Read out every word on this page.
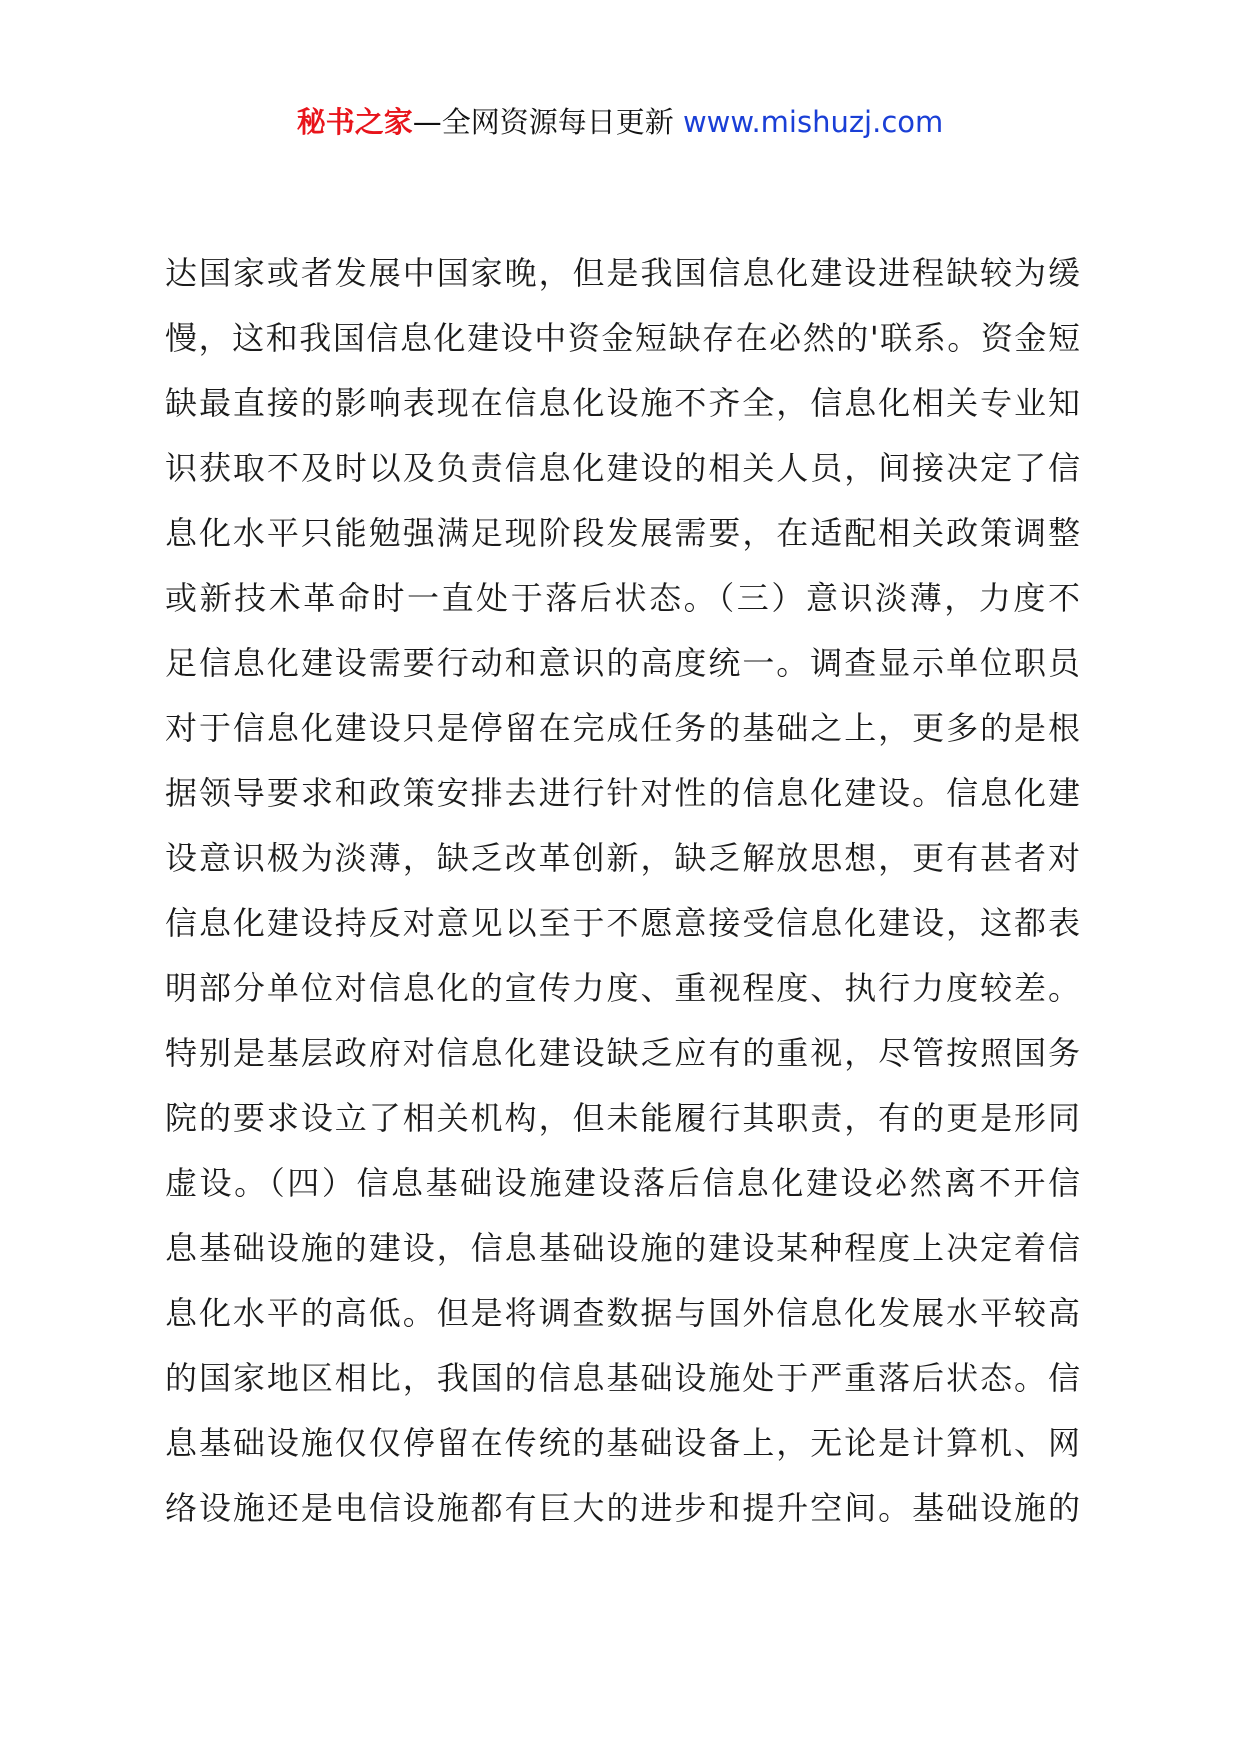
秘书之家—全网资源每日更新 www.mishuzj.com
达国家或者发展中国家晚，但是我国信息化建设进程缺较为缓
慢，这和我国信息化建设中资金短缺存在必然的'联系。资金短
缺最直接的影响表现在信息化设施不齐全，信息化相关专业知
识获取不及时以及负责信息化建设的相关人员，间接决定了信
息化水平只能勉强满足现阶段发展需要，在适配相关政策调整
或新技术革命时一直处于落后状态。（三）意识淡薄，力度不
足信息化建设需要行动和意识的高度统一。调查显示单位职员
对于信息化建设只是停留在完成任务的基础之上，更多的是根
据领导要求和政策安排去进行针对性的信息化建设。信息化建
设意识极为淡薄，缺乏改革创新，缺乏解放思想，更有甚者对
信息化建设持反对意见以至于不愿意接受信息化建设，这都表
明部分单位对信息化的宣传力度、重视程度、执行力度较差。
特别是基层政府对信息化建设缺乏应有的重视，尽管按照国务
院的要求设立了相关机构，但未能履行其职责，有的更是形同
虚设。（四）信息基础设施建设落后信息化建设必然离不开信
息基础设施的建设，信息基础设施的建设某种程度上决定着信
息化水平的高低。但是将调查数据与国外信息化发展水平较高
的国家地区相比，我国的信息基础设施处于严重落后状态。信
息基础设施仅仅停留在传统的基础设备上，无论是计算机、网
络设施还是电信设施都有巨大的进步和提升空间。基础设施的
